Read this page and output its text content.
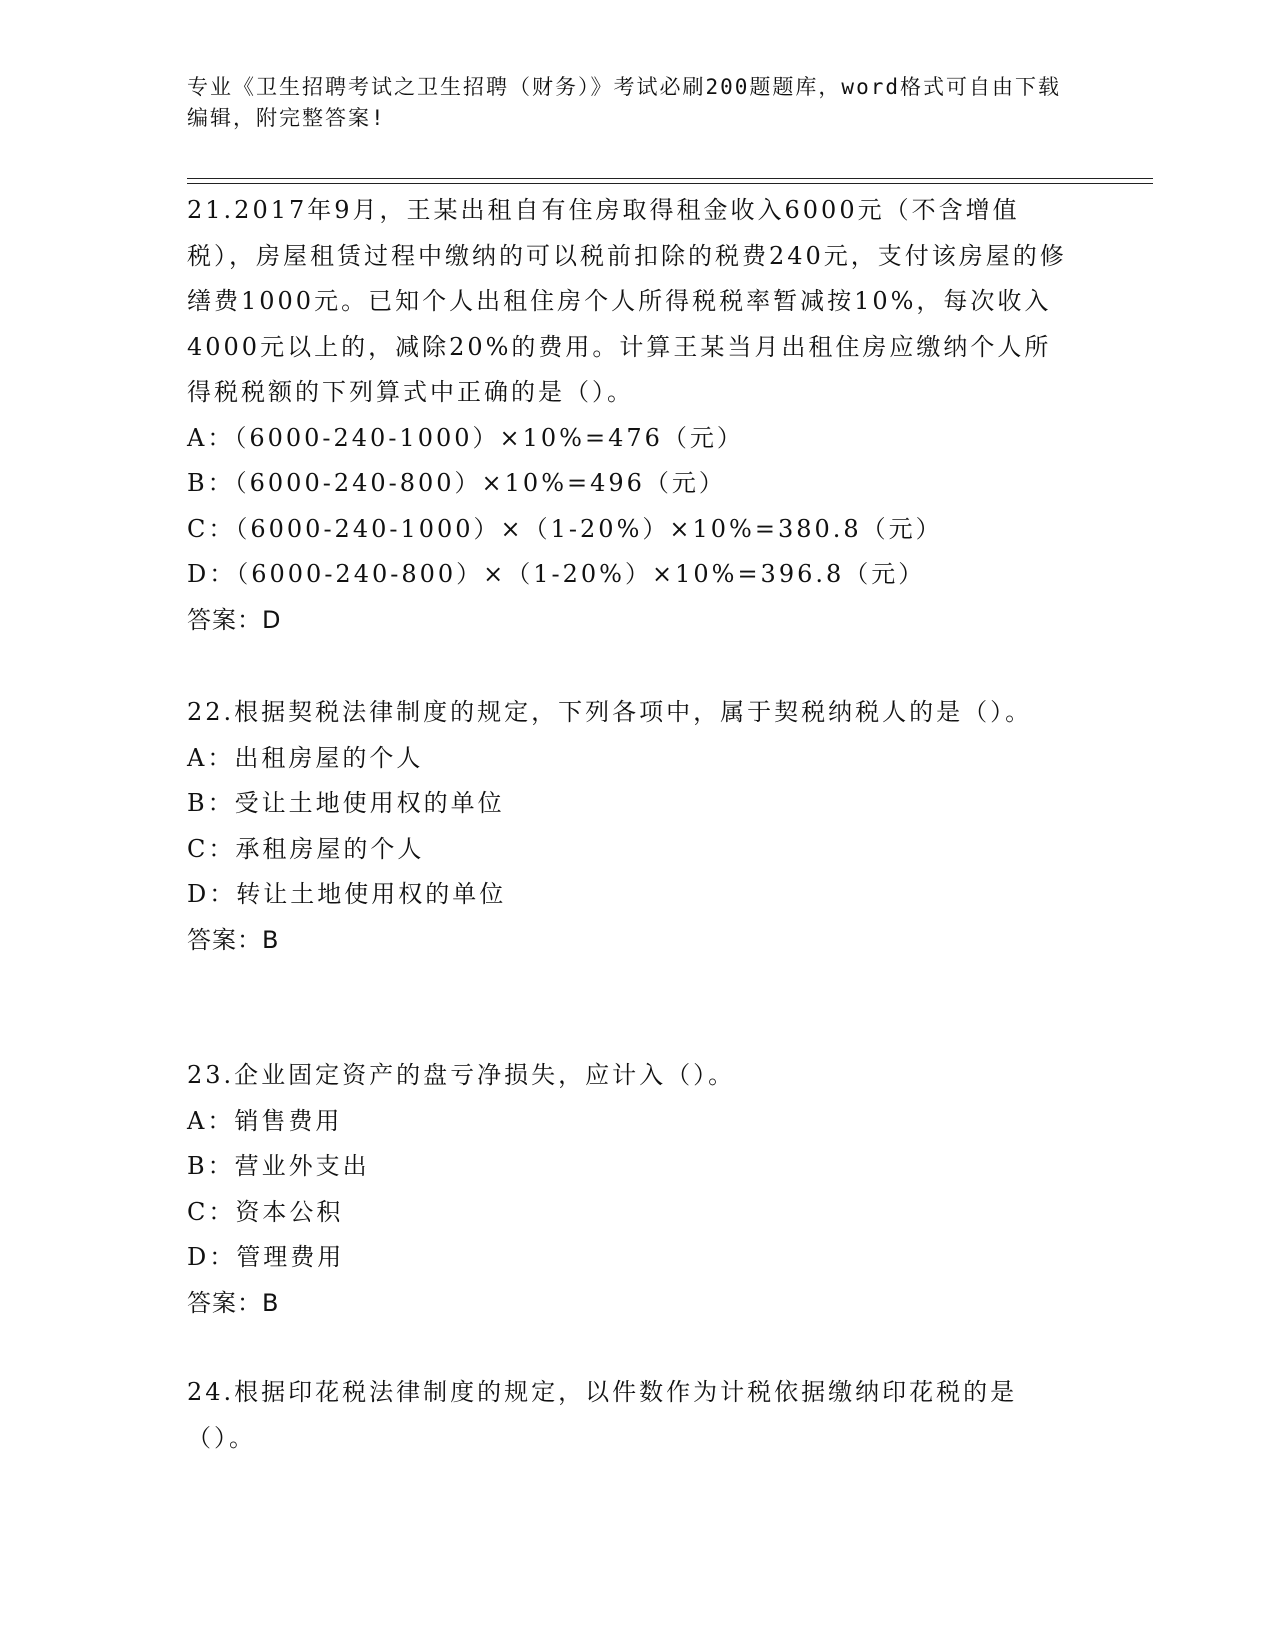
专业《卫生招聘考试之卫生招聘（财务）》考试必刷200题题库，word格式可自由下载编辑，附完整答案!
21.2017年9月，王某出租自有住房取得租金收入6000元（不含增值税），房屋租赁过程中缴纳的可以税前扣除的税费240元，支付该房屋的修缮费1000元。已知个人出租住房个人所得税税率暂减按10%，每次收入4000元以上的，减除20%的费用。计算王某当月出租住房应缴纳个人所得税税额的下列算式中正确的是（）。
A：（6000-240-1000）×10%=476（元）
B：（6000-240-800）×10%=496（元）
C：（6000-240-1000）×（1-20%）×10%=380.8（元）
D：（6000-240-800）×（1-20%）×10%=396.8（元）
答案：D
22.根据契税法律制度的规定，下列各项中，属于契税纳税人的是（）。
A：出租房屋的个人
B：受让土地使用权的单位
C：承租房屋的个人
D：转让土地使用权的单位
答案：B
23.企业固定资产的盘亏净损失，应计入（）。
A：销售费用
B：营业外支出
C：资本公积
D：管理费用
答案：B
24.根据印花税法律制度的规定，以件数作为计税依据缴纳印花税的是（）。
